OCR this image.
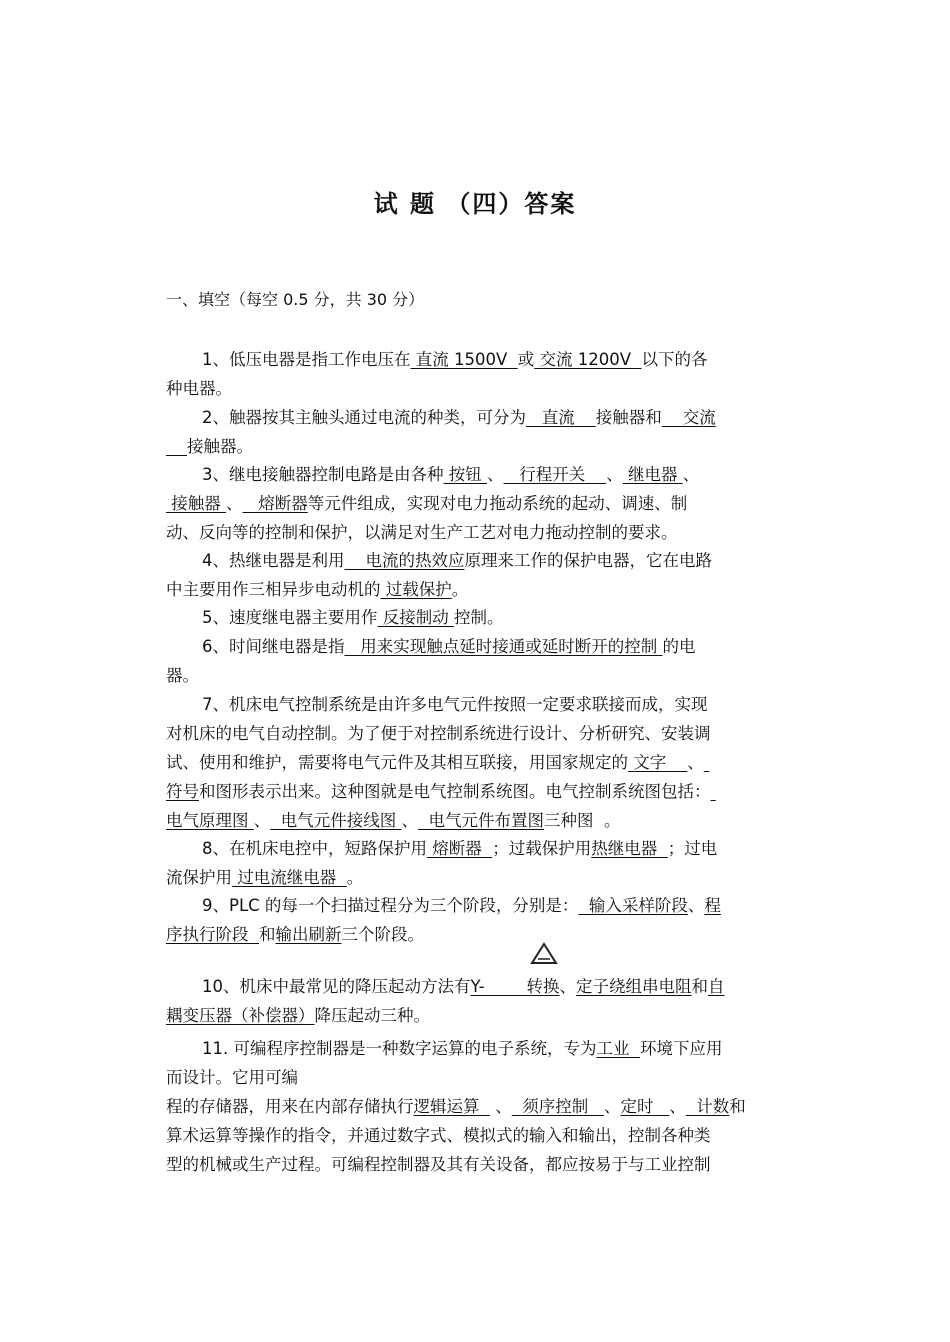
试 题 （四）答案
一、填空（每空 0.5 分，共 30 分）
1、低压电器是指工作电压在 直流 1500V  或 交流 1200V  以下的各
种电器。
2、触器按其主触头通过电流的种类，可分为   直流    接触器和    交流
接触器。
3、继电接触器控制电路是由各种 按钮 、   行程开关    、 继电器 、
接触器 、   熔断器等元件组成，实现对电力拖动系统的起动、调速、制
动、反向等的控制和保护，以满足对生产工艺对电力拖动控制的要求。
4、热继电器是利用    电流的热效应原理来工作的保护电器，它在电路
中主要用作三相异步电动机的 过载保护。
5、速度继电器主要用作 反接制动 控制。
6、时间继电器是指   用来实现触点延时接通或延时断开的控制 的电
器。
7、机床电气控制系统是由许多电气元件按照一定要求联接而成，实现
对机床的电气自动控制。为了便于对控制系统进行设计、分析研究、安装调
试、使用和维护，需要将电气元件及其相互联接，用国家规定的 文字    、
符号和图形表示出来。这种图就是电气控制系统图。电气控制系统图包括：
电气原理图 、  电气元件接线图 、  电气元件布置图三种图  。
8、在机床电控中，短路保护用 熔断器  ；过载保护用热继电器  ；过电
流保护用 过电流继电器  。
9、PLC 的每一个扫描过程分为三个阶段，分别是：  输入采样阶段、程
序执行阶段  和输出刷新三个阶段。
10、机床中最常见的降压起动方法有Y-        转换、定子绕组串电阻和自
耦变压器（补偿器）降压起动三种。
11. 可编程序控制器是一种数字运算的电子系统，专为工业  环境下应用
而设计。它用可编
程的存储器，用来在内部存储执行逻辑运算   、  须序控制   、定时   、  计数和
算术运算等操作的指令，并通过数字式、模拟式的输入和输出，控制各种类
型的机械或生产过程。可编程控制器及其有关设备，都应按易于与工业控制
